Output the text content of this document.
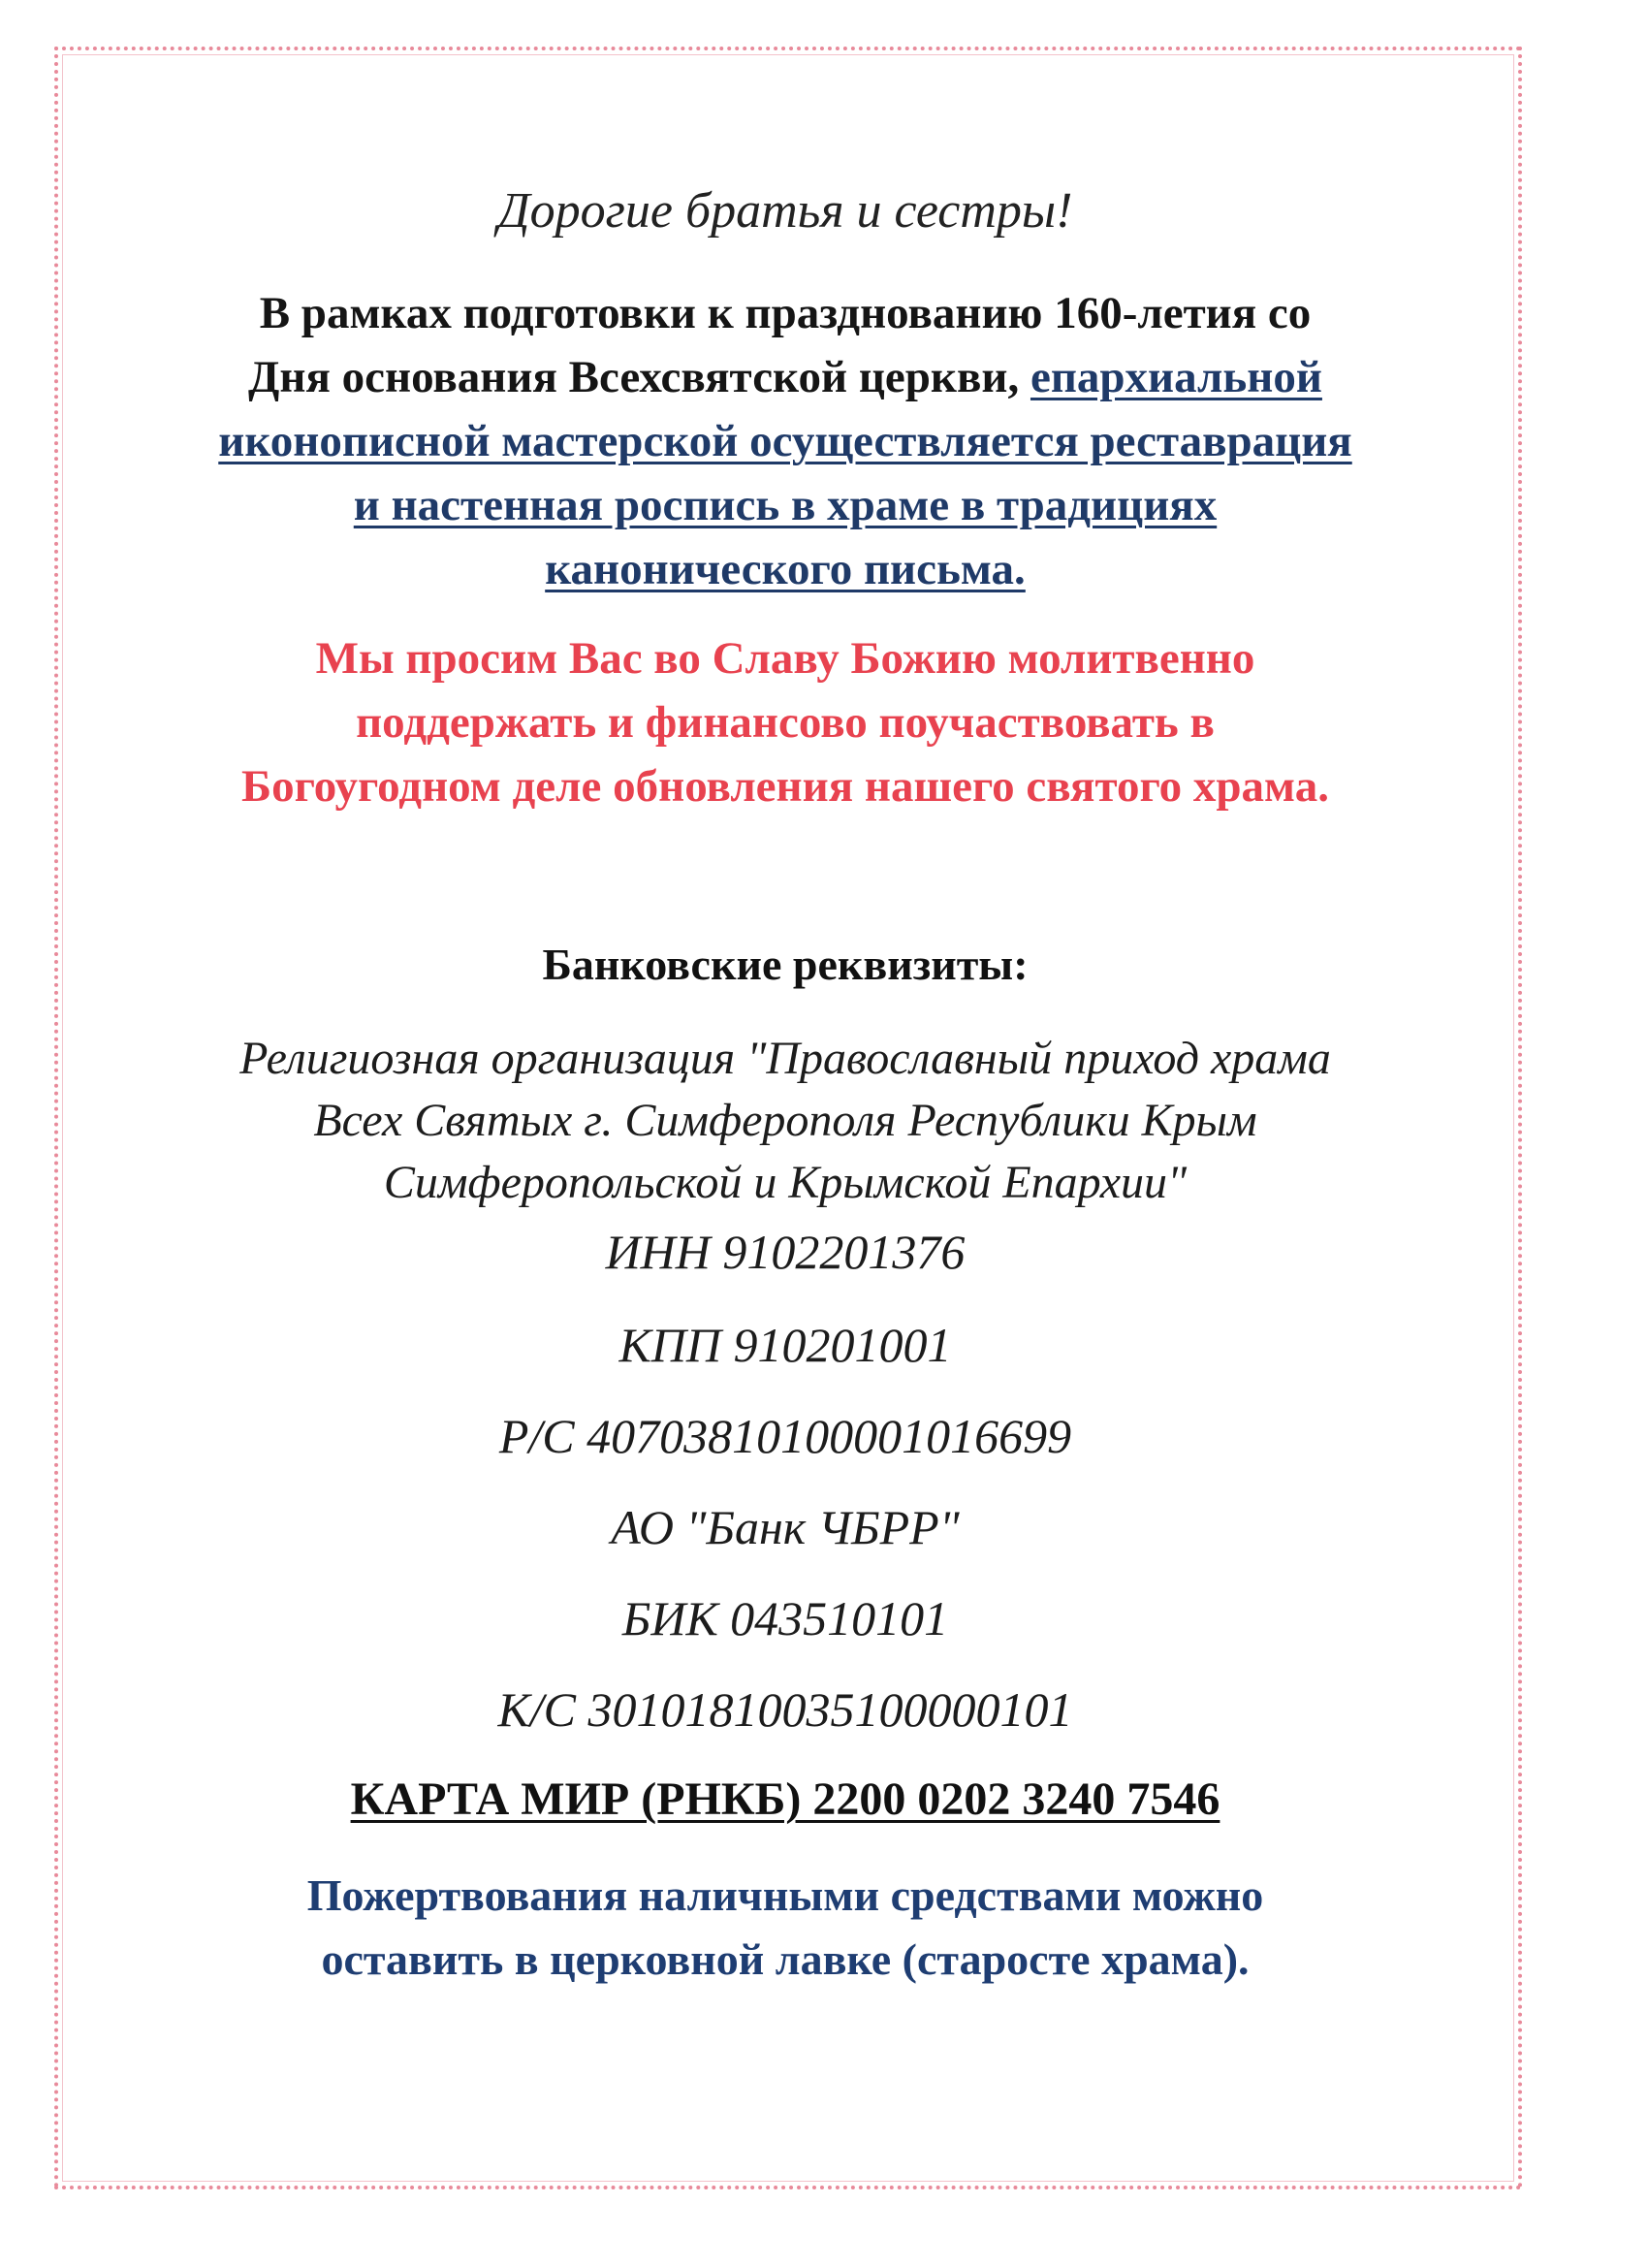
Дорогие братья и сестры!
В рамках подготовки к празднованию 160-летия со
Дня основания Всехсвятской церкви, епархиальной
иконописной мастерской осуществляется реставрация
и настенная роспись в храме в традициях
канонического письма.
Мы просим Вас во Славу Божию молитвенно
поддержать и финансово поучаствовать в
Богоугодном деле обновления нашего святого храма.
Банковские реквизиты:
Религиозная организация "Православный приход храма
Всех Святых г. Симферополя Республики Крым
Симферопольской и Крымской Епархии"
ИНН 9102201376
КПП 910201001
Р/С 40703810100001016699
АО "Банк ЧБРР"
БИК 043510101
К/С 30101810035100000101
КАРТА МИР (РНКБ) 2200 0202 3240 7546
Пожертвования наличными средствами можно
оставить в церковной лавке (старосте храма).
